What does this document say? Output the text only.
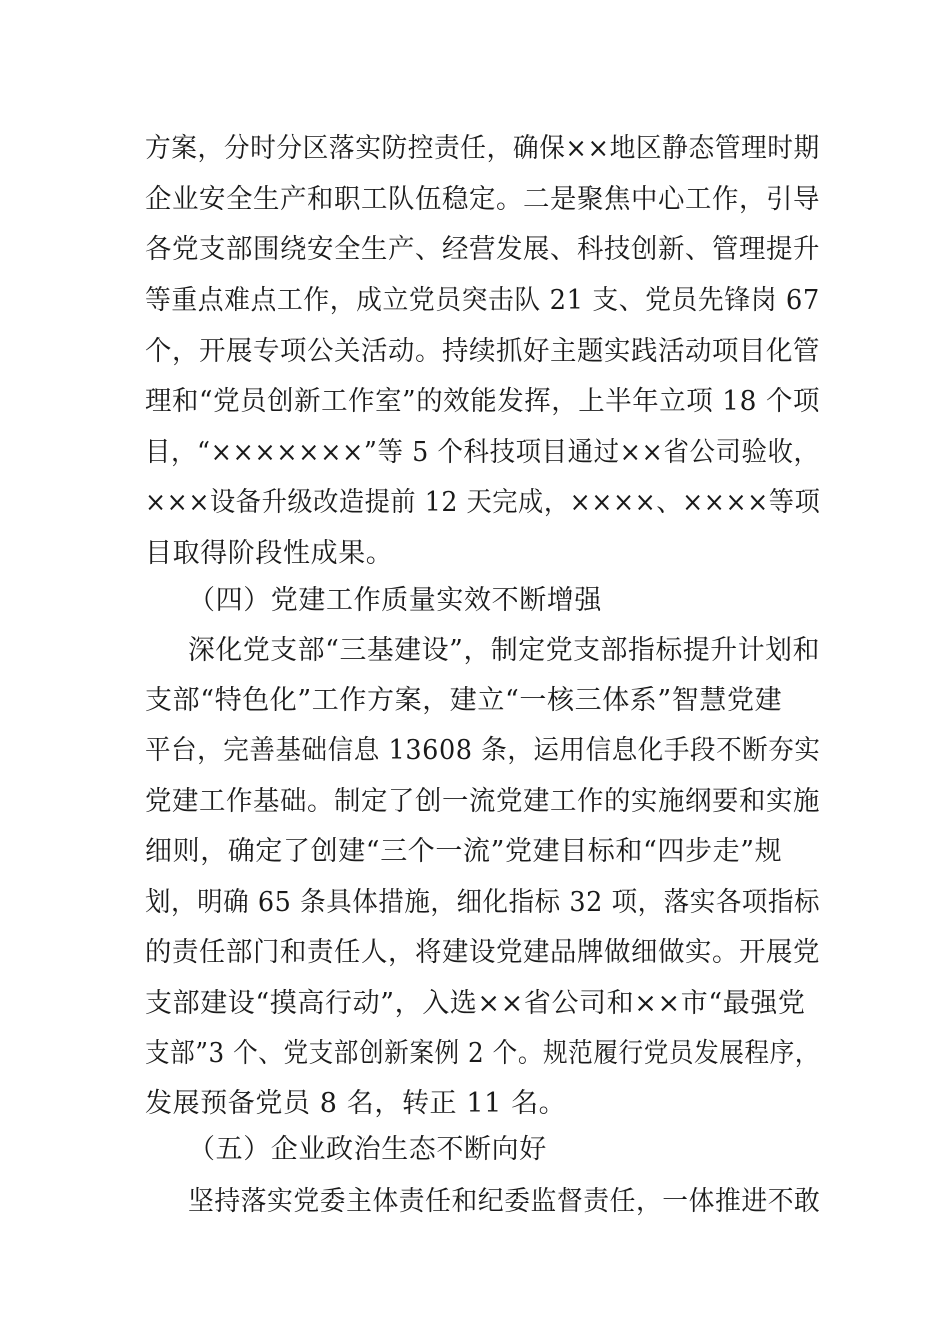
方案，分时分区落实防控责任，确保××地区静态管理时期
企业安全生产和职工队伍稳定。二是聚焦中心工作，引导
各党支部围绕安全生产、经营发展、科技创新、管理提升
等重点难点工作，成立党员突击队 21 支、党员先锋岗 67
个，开展专项公关活动。持续抓好主题实践活动项目化管
理和“党员创新工作室”的效能发挥，上半年立项 18 个项
目，“×××××××”等 5 个科技项目通过××省公司验收，
×××设备升级改造提前 12 天完成，××××、××××等项
目取得阶段性成果。
（四）党建工作质量实效不断增强
深化党支部“三基建设”，制定党支部指标提升计划和
支部“特色化”工作方案，建立“一核三体系”智慧党建
平台，完善基础信息 13608 条，运用信息化手段不断夯实
党建工作基础。制定了创一流党建工作的实施纲要和实施
细则，确定了创建“三个一流”党建目标和“四步走”规
划，明确 65 条具体措施，细化指标 32 项，落实各项指标
的责任部门和责任人，将建设党建品牌做细做实。开展党
支部建设“摸高行动”，入选××省公司和××市“最强党
支部”3 个、党支部创新案例 2 个。规范履行党员发展程序，
发展预备党员 8 名，转正 11 名。
（五）企业政治生态不断向好
坚持落实党委主体责任和纪委监督责任，一体推进不敢
